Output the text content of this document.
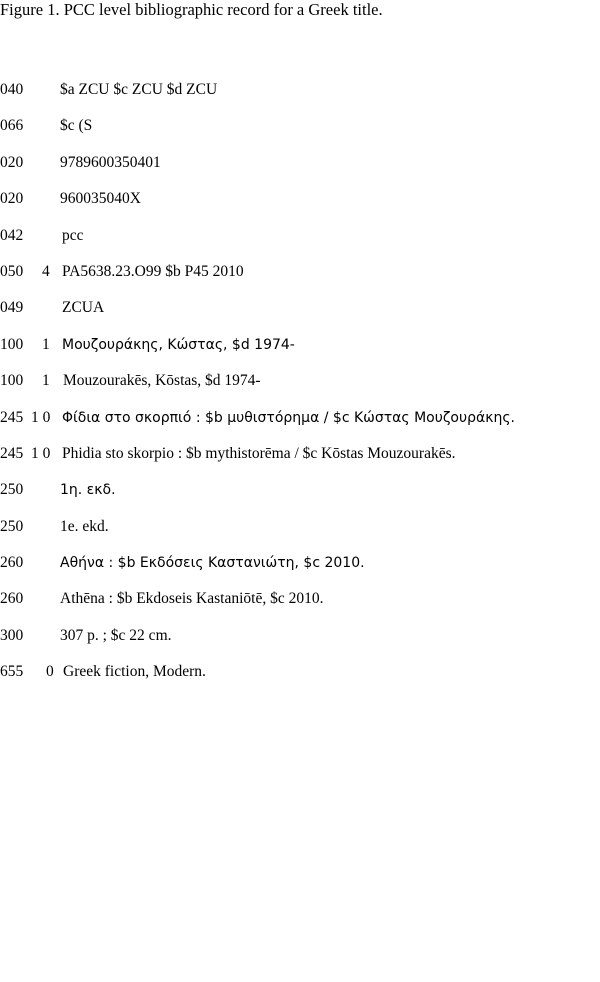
Figure 1. PCC level bibliographic record for a Greek title.
040 $a ZCU $c ZCU $d ZCU
066 $c (S
020 9789600350401
020 960035040X
042	pcc
050 4 PA5638.23.O99 $b P45 2010
049	ZCUA
100 1 Μουζουράκης, Κώστας, $d 1974-
100 1 Mouzourakēs, Kōstas, $d 1974-
245 1 0 Φίδια στο σκορπιό : $b μυθιστόρημα / $c Κώστας Μουζουράκης.
245 1 0 Phidia sto skorpio : $b mythistorēma / $c Kōstas Mouzourakēs.
250	1η. εκδ.
250 1e. ekd.
260	Αθήνα : $b Εκδόσεις Καστανιώτη, $c 2010.
260 Athēna : $b Ekdoseis Kastaniōtē, $c 2010.
300 307 p. ; $c 22 cm.
655 0 Greek fiction, Modern.
